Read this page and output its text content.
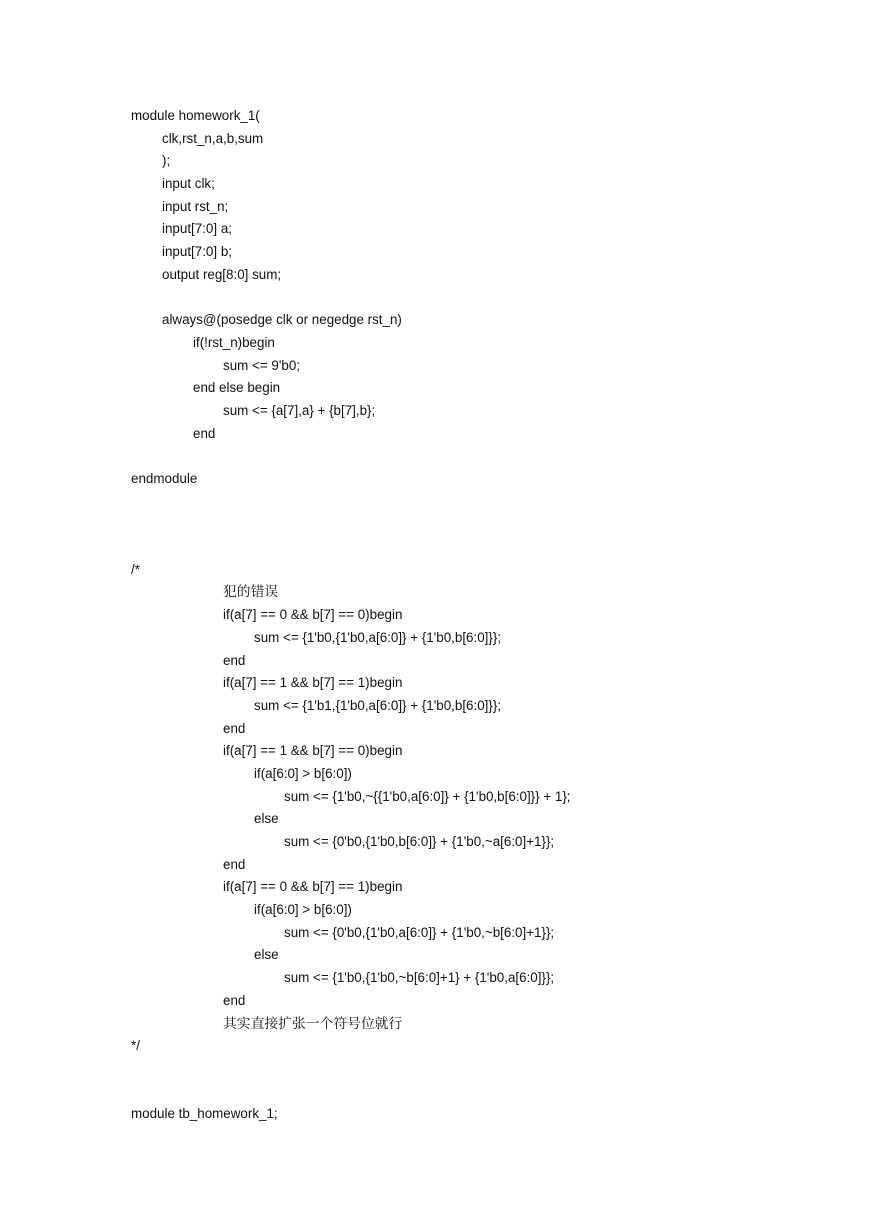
module homework_1(
clk,rst_n,a,b,sum
);
input clk;
input rst_n;
input[7:0] a;
input[7:0] b;
output reg[8:0] sum;
always@(posedge clk or negedge rst_n)
if(!rst_n)begin
sum <= 9'b0;
end else begin
sum <= {a[7],a} + {b[7],b};
end
endmodule
/*
犯的错误
if(a[7] == 0 && b[7] == 0)begin
sum <= {1'b0,{1'b0,a[6:0]} + {1'b0,b[6:0]}};
end
if(a[7] == 1 && b[7] == 1)begin
sum <= {1'b1,{1'b0,a[6:0]} + {1'b0,b[6:0]}};
end
if(a[7] == 1 && b[7] == 0)begin
if(a[6:0] > b[6:0])
sum <= {1'b0,~{{1'b0,a[6:0]} + {1'b0,b[6:0]}} + 1};
else
sum <= {0'b0,{1'b0,b[6:0]} + {1'b0,~a[6:0]+1}};
end
if(a[7] == 0 && b[7] == 1)begin
if(a[6:0] > b[6:0])
sum <= {0'b0,{1'b0,a[6:0]} + {1'b0,~b[6:0]+1}};
else
sum <= {1'b0,{1'b0,~b[6:0]+1} + {1'b0,a[6:0]}};
end
其实直接扩张一个符号位就行
*/
module tb_homework_1;
